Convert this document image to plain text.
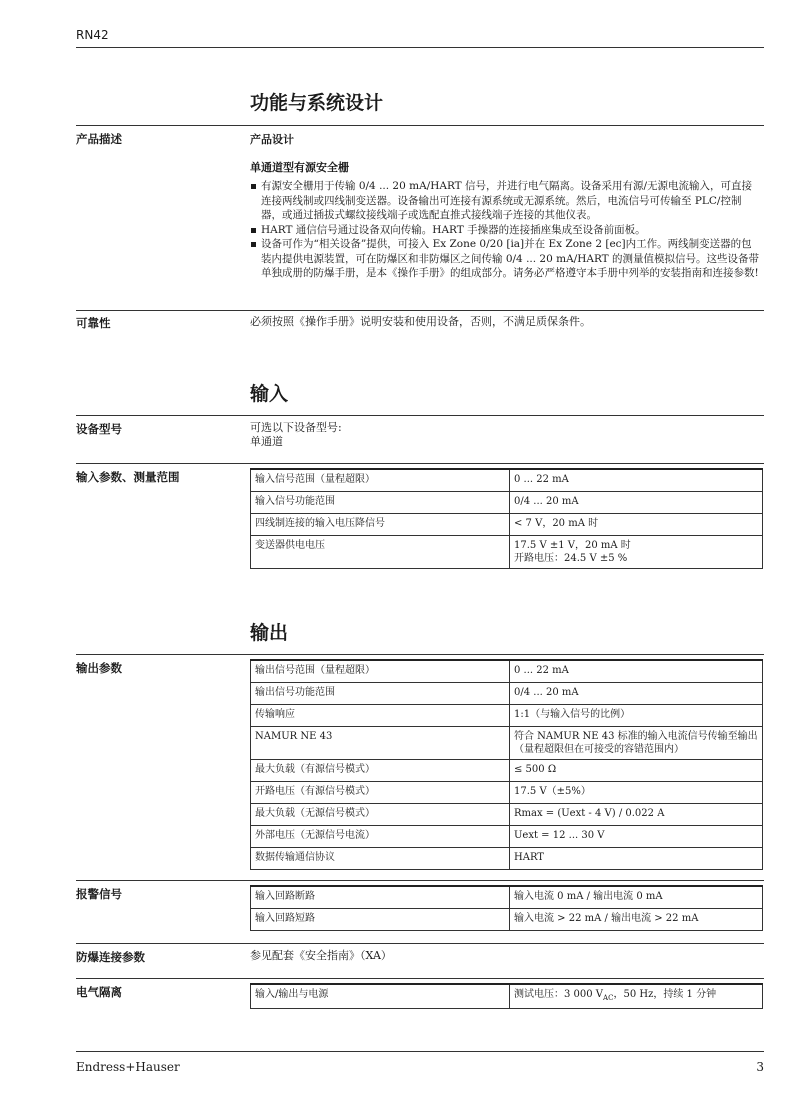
RN42
功能与系统设计
产品描述	产品设计
单通道型有源安全栅
有源安全栅用于传输 0/4 ... 20 mA/HART 信号，并进行电气隔离。设备采用有源/无源电流输入，可直接连接两线制或四线制变送器。设备输出可连接有源系统或无源系统。然后，电流信号可传输至 PLC/控制器，或通过插拔式螺纹接线端子或选配直推式接线端子连接的其他仪表。
HART 通信信号通过设备双向传输。HART 手操器的连接插座集成至设备前面板。
设备可作为“相关设备”提供，可接入 Ex Zone 0/20 [ia]并在 Ex Zone 2 [ec]内工作。两线制变送器的包装内提供电源装置，可在防爆区和非防爆区之间传输 0/4 ... 20 mA/HART 的测量值模拟信号。这些设备带单独成册的防爆手册，是本《操作手册》的组成部分。请务必严格遵守本手册中列举的安装指南和连接参数!
可靠性	必须按照《操作手册》说明安装和使用设备，否则，不满足质保条件。
输入
设备型号	可选以下设备型号:
单通道
输入参数、测量范围	输入信号范围（量程超限）	0 ... 22 mA
输入信号功能范围	0/4 ... 20 mA
四线制连接的输入电压降信号	< 7 V，20 mA 时
变送器供电电压	17.5 V ±1 V，20 mA 时
开路电压：24.5 V ±5 %
输出
输出参数	输出信号范围（量程超限）	0 ... 22 mA
输出信号功能范围	0/4 ... 20 mA
传输响应	1:1（与输入信号的比例）
NAMUR NE 43	符合 NAMUR NE 43 标准的输入电流信号传输至输出（量程超限但在可接受的容错范围内）
最大负载（有源信号模式）	≤ 500 Ω
开路电压（有源信号模式）	17.5 V（±5%）
最大负载（无源信号模式）	Rmax = (Uext - 4 V) / 0.022 A
外部电压（无源信号电流）	Uext = 12 ... 30 V
数据传输通信协议	HART
报警信号	输入回路断路	输入电流 0 mA / 输出电流 0 mA
输入回路短路	输入电流 > 22 mA / 输出电流 > 22 mA
防爆连接参数	参见配套《安全指南》（XA）
电气隔离	输入/输出与电源	测试电压：3 000 $V_{AC}$，50 Hz，持续 1 分钟
Endress+Hauser	3
